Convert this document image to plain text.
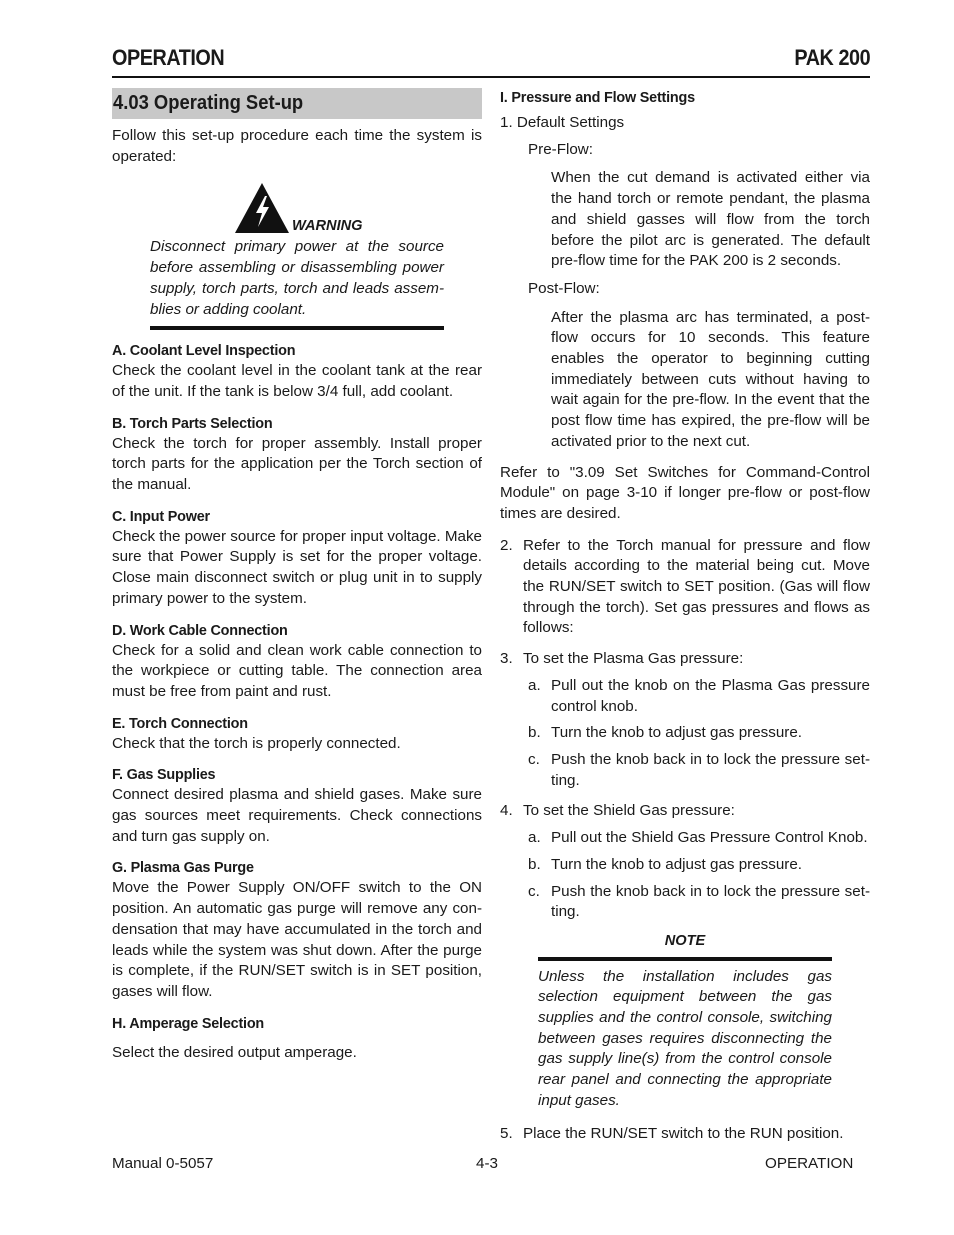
OPERATION	PAK 200
4.03 Operating Set-up

Follow this set-up procedure each time the system is operated:

WARNING

Disconnect primary power at the source before assembling or disassembling power supply, torch parts, torch and leads assemblies or adding coolant.

A. Coolant Level Inspection

Check the coolant level in the coolant tank at the rear of the unit. If the tank is below 3/4 full, add coolant.

B. Torch Parts Selection

Check the torch for proper assembly. Install proper torch parts for the application per the Torch section of the manual.

C. Input Power

Check the power source for proper input voltage. Make sure that Power Supply is set for the proper voltage. Close main disconnect switch or plug unit in to supply primary power to the system.

D. Work Cable Connection

Check for a solid and clean work cable connection to the workpiece or cutting table. The connection area must be free from paint and rust.

E. Torch Connection

Check that the torch is properly connected.

F. Gas Supplies

Connect desired plasma and shield gases. Make sure gas sources meet requirements. Check connections and turn gas supply on.

G. Plasma Gas Purge

Move the Power Supply ON/OFF switch to the ON position. An automatic gas purge will remove any condensation that may have accumulated in the torch and leads while the system was shut down. After the purge is complete, if the RUN/SET switch is in SET position, gases will flow.

H. Amperage Selection

Select the desired output amperage.

I. Pressure and Flow Settings

1. Default Settings

Pre-Flow:

When the cut demand is activated either via the hand torch or remote pendant, the plasma and shield gasses will flow from the torch before the pilot arc is generated. The default pre-flow time for the PAK 200 is 2 seconds.

Post-Flow:

After the plasma arc has terminated, a post-flow occurs for 10 seconds. This feature enables the operator to beginning cutting immediately between cuts without having to wait again for the pre-flow. In the event that the post flow time has expired, the pre-flow will be activated prior to the next cut.

Refer to "3.09 Set Switches for Command-Control Module" on page 3-10 if longer pre-flow or post-flow times are desired.

2. Refer to the Torch manual for pressure and flow details according to the material being cut. Move the RUN/SET switch to SET position. (Gas will flow through the torch). Set gas pressures and flows as follows:
3. To set the Plasma Gas pressure:
a. Pull out the knob on the Plasma Gas pressure control knob.
b. Turn the knob to adjust gas pressure.
c. Push the knob back in to lock the pressure setting.
4. To set the Shield Gas pressure:
a. Pull out the Shield Gas Pressure Control Knob.
b. Turn the knob to adjust gas pressure.
c. Push the knob back in to lock the pressure setting.
NOTE

Unless the installation includes gas selection equipment between the gas supplies and the control console, switching between gases requires disconnecting the gas supply line(s) from the control console rear panel and connecting the appropriate input gases.

5. Place the RUN/SET switch to the RUN position.
Manual 0-5057	4-3	OPERATION
